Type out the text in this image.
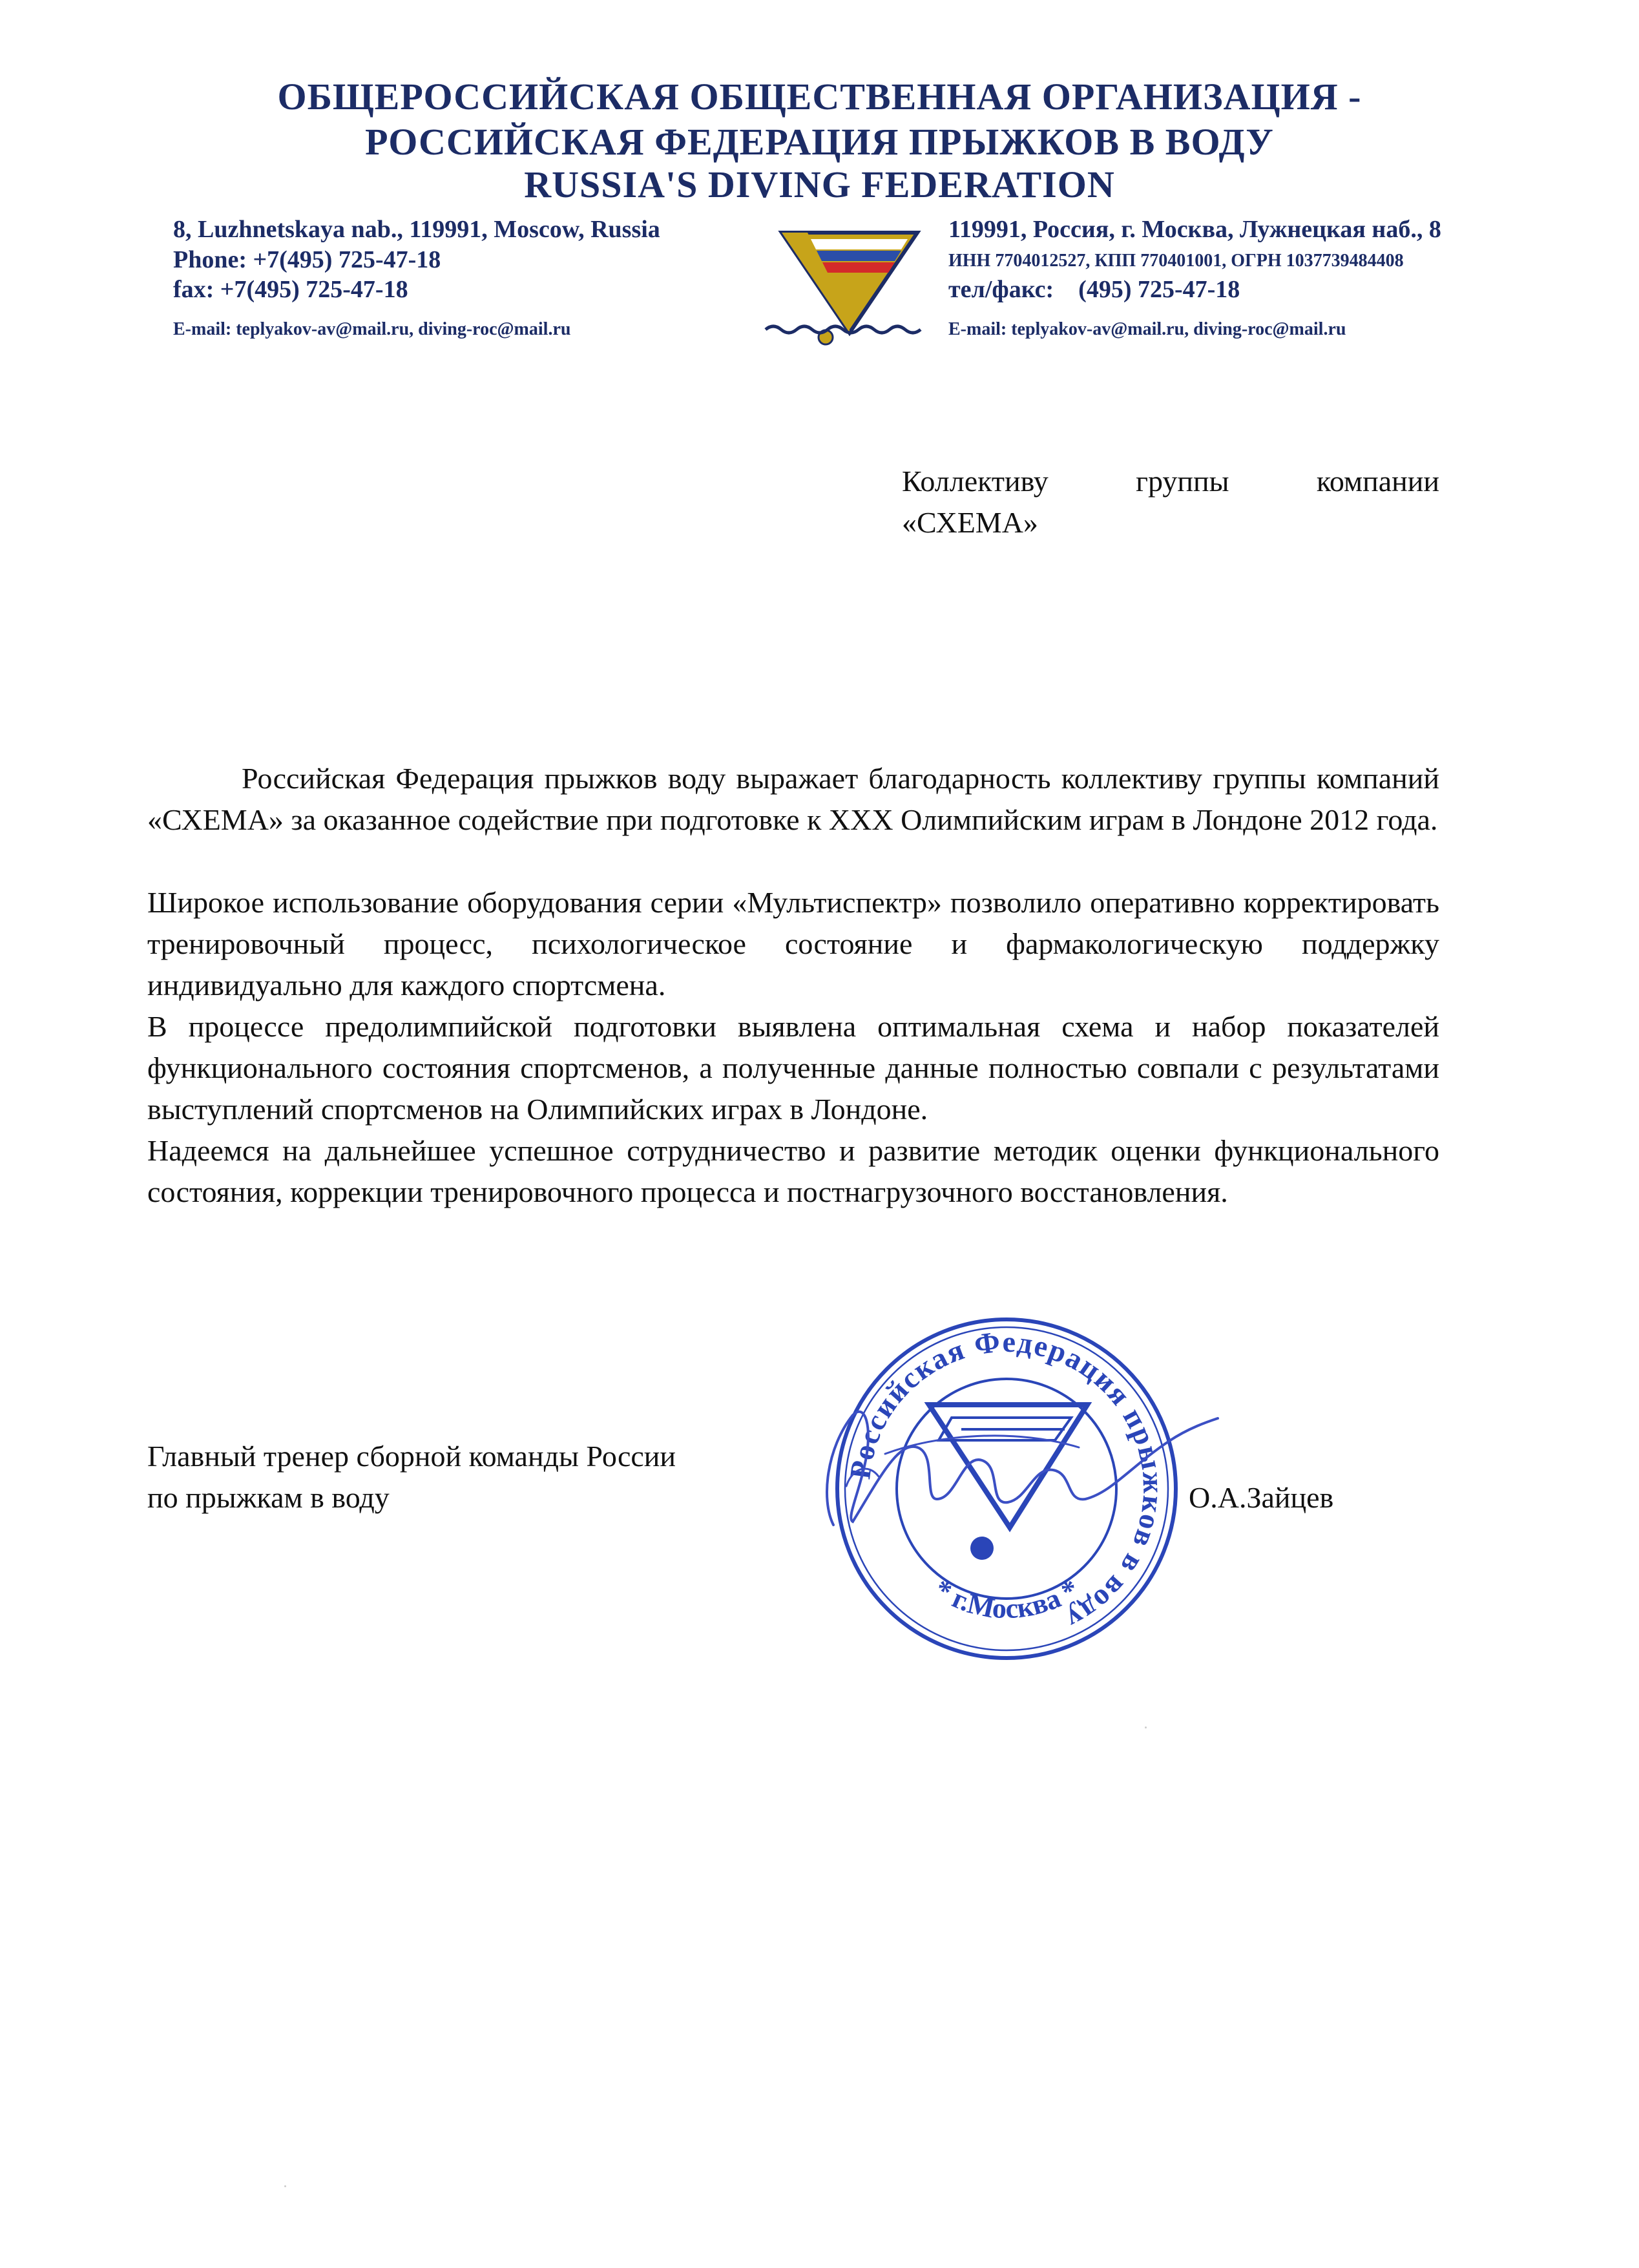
ОБЩЕРОССИЙСКАЯ ОБЩЕСТВЕННАЯ ОРГАНИЗАЦИЯ -
РОССИЙСКАЯ ФЕДЕРАЦИЯ ПРЫЖКОВ В ВОДУ
RUSSIA'S DIVING FEDERATION
8, Luzhnetskaya nab., 119991, Moscow, Russia
Phone: +7(495) 725-47-18
fax: +7(495) 725-47-18
E-mail: teplyakov-av@mail.ru, diving-roc@mail.ru
119991, Россия, г. Москва, Лужнецкая наб., 8
ИНН 7704012527, КПП 770401001, ОГРН 1037739484408
тел/факс: (495) 725-47-18
E-mail: teplyakov-av@mail.ru, diving-roc@mail.ru
Коллективу	группы	компании
«СХЕМА»

Российская Федерация прыжков воду выражает благодарность коллективу группы компаний «СХЕМА» за оказанное содействие при подготовке к XXX Олимпийским играм в Лондоне 2012 года.

Широкое использование оборудования серии «Мультиспектр» позволило оперативно корректировать тренировочный процесс, психологическое состояние и фармакологическую поддержку индивидуально для каждого спортсмена.

В процессе предолимпийской подготовки выявлена оптимальная схема и набор показателей функционального состояния спортсменов, а полученные данные полностью совпали с результатами выступлений спортсменов на Олимпийских играх в Лондоне.

Надеемся на дальнейшее успешное сотрудничество и развитие методик оценки функционального состояния, коррекции тренировочного процесса и постнагрузочного восстановления.

Главный тренер сборной команды России
по прыжкам в воду	О.А.Зайцев
Российская Федерация прыжков в воду
* г.Москва *
